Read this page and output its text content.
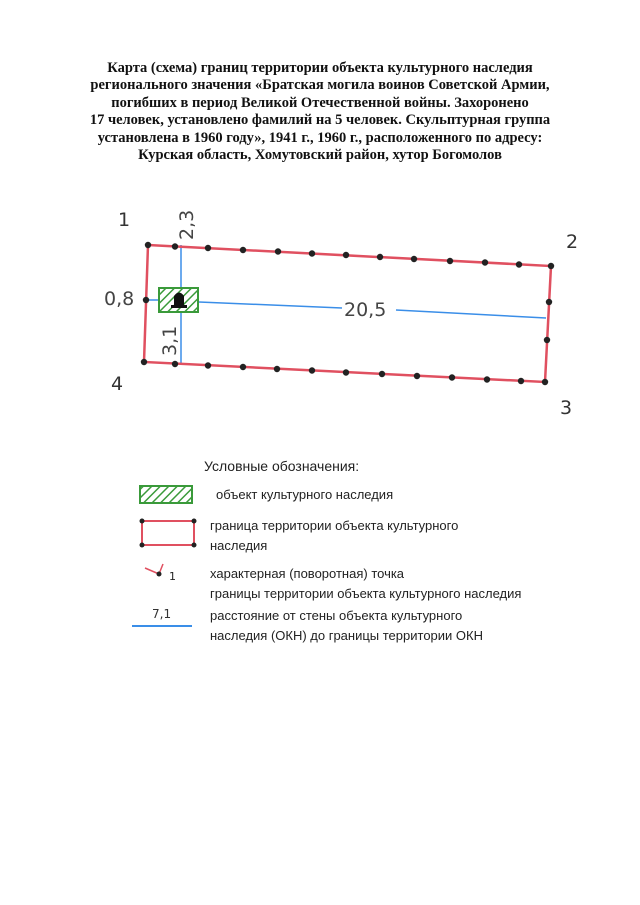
Карта (схема) границ территории объекта культурного наследия
регионального значения «Братская могила воинов Советской Армии,
погибших в период Великой Отечественной войны. Захоронено
17 человек, установлено фамилий на 5 человек. Скульптурная группа
установлена в 1960 году», 1941 г., 1960 г., расположенного по адресу:
Курская область, Хомутовский район, хутор Богомолов
1
2
3
4
2,3
0,8
3,1
20,5
Условные обозначения:
объект культурного наследия
граница территории объекта культурного
наследия
1	характерная (поворотная) точка
границы территории объекта культурного наследия
7,1	расстояние от стены объекта культурного
наследия (ОКН) до границы территории ОКН
